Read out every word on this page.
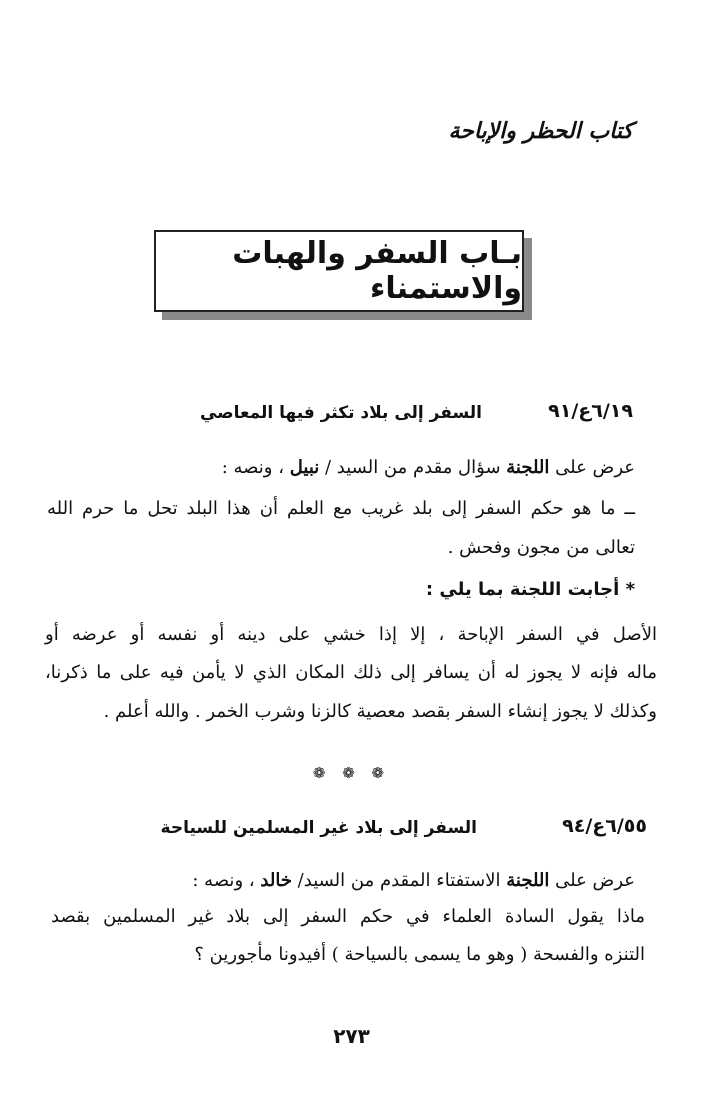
كتاب الحظر والإباحة
بـاب السفر والهبات والاستمناء
٦/١٩ع/٩١
السفر إلى بلاد تكثر فيها المعاصي
عرض على اللجنة سؤال مقدم من السيد / نبيل ، ونصه :
ــ ما هو حكم السفر إلى بلد غريب مع العلم أن هذا البلد تحل ما حرم الله
تعالى من مجون وفحش .
* أجابت اللجنة بما يلي :
الأصل في السفر الإباحة ، إلا إذا خشي على دينه أو نفسه أو عرضه أو
ماله فإنه لا يجوز له أن يسافر إلى ذلك المكان الذي لا يأمن فيه على ما ذكرنا،
وكذلك لا يجوز إنشاء السفر بقصد معصية كالزنا وشرب الخمر . والله أعلم .
❁ ❁ ❁
٦/٥٥ع/٩٤
السفر إلى بلاد غير المسلمين للسياحة
عرض على اللجنة الاستفتاء المقدم من السيد/ خالد ، ونصه :
ماذا يقول السادة العلماء في حكم السفر إلى بلاد غير المسلمين بقصد
التنزه والفسحة ( وهو ما يسمى بالسياحة ) أفيدونا مأجورين ؟
٢٧٣
